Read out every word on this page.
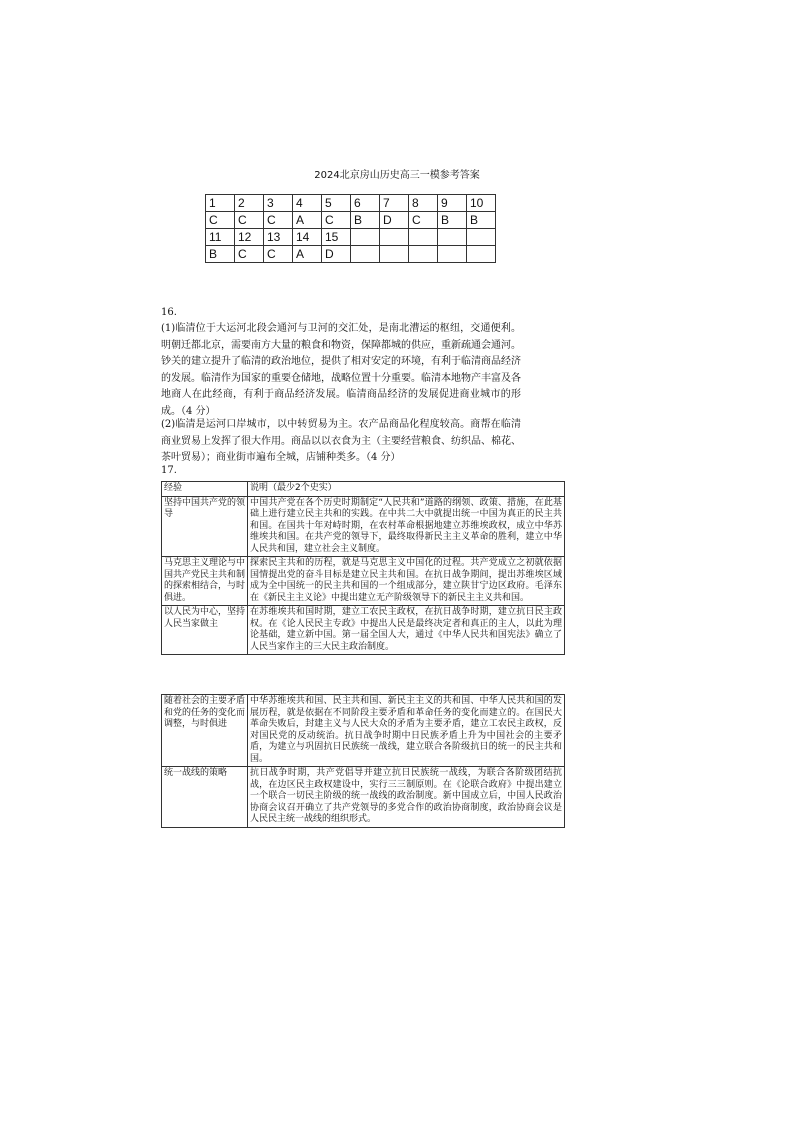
2024北京房山历史高三一模参考答案
1	2	3	4	5	6	7	8	9	10
C	C	C	A	C	B	D	C	B	B
11	12	13	14	15					
B	C	C	A	D					
16.
(1)临清位于大运河北段会通河与卫河的交汇处，是南北漕运的枢纽，交通便利。明朝迁都北京，需要南方大量的粮食和物资，保障都城的供应，重新疏通会通河。钞关的建立提升了临清的政治地位，提供了相对安定的环境，有利于临清商品经济的发展。临清作为国家的重要仓储地，战略位置十分重要。临清本地物产丰富及各地商人在此经商，有利于商品经济发展。临清商品经济的发展促进商业城市的形成。（4 分）
(2)临清是运河口岸城市，以中转贸易为主。农产品商品化程度较高。商帮在临清商业贸易上发挥了很大作用。商品以以衣食为主（主要经营粮食、纺织品、棉花、茶叶贸易）；商业街市遍布全城，店铺种类多。（4 分）
17.
经验	说明（最少2个史实）
坚持中国共产党的领导	中国共产党在各个历史时期制定“人民共和”道路的纲领、政策、措施，在此基础上进行建立民主共和的实践。在中共二大中就提出统一中国为真正的民主共和国。在国共十年对峙时期，在农村革命根据地建立苏维埃政权，成立中华苏维埃共和国。在共产党的领导下，最终取得新民主主义革命的胜利，建立中华人民共和国，建立社会主义制度。
马克思主义理论与中国共产党民主共和制的探索相结合，与时俱进。	探索民主共和的历程，就是马克思主义中国化的过程。共产党成立之初就依据国情提出党的奋斗目标是建立民主共和国。在抗日战争期间，提出苏维埃区域成为全中国统一的民主共和国的一个组成部分，建立陕甘宁边区政府。毛泽东在《新民主主义论》中提出建立无产阶级领导下的新民主主义共和国。
以人民为中心，坚持人民当家做主	在苏维埃共和国时期，建立工农民主政权，在抗日战争时期，建立抗日民主政权。在《论人民民主专政》中提出人民是最终决定者和真正的主人，以此为理论基础，建立新中国。第一届全国人大，通过《中华人民共和国宪法》确立了人民当家作主的三大民主政治制度。
随着社会的主要矛盾和党的任务的变化而调整，与时俱进	中华苏维埃共和国、民主共和国、新民主主义的共和国、中华人民共和国的发展历程，就是依据在不同阶段主要矛盾和革命任务的变化而建立的。在国民大革命失败后，封建主义与人民大众的矛盾为主要矛盾，建立工农民主政权，反对国民党的反动统治。抗日战争时期中日民族矛盾上升为中国社会的主要矛盾，为建立与巩固抗日民族统一战线，建立联合各阶级抗日的统一的民主共和国。
统一战线的策略	抗日战争时期，共产党倡导并建立抗日民族统一战线，为联合各阶级团结抗战，在边区民主政权建设中，实行三三制原则。在《论联合政府》中提出建立一个联合一切民主阶级的统一战线的政治制度。新中国成立后，中国人民政治协商会议召开确立了共产党领导的多党合作的政治协商制度，政治协商会议是人民民主统一战线的组织形式。
